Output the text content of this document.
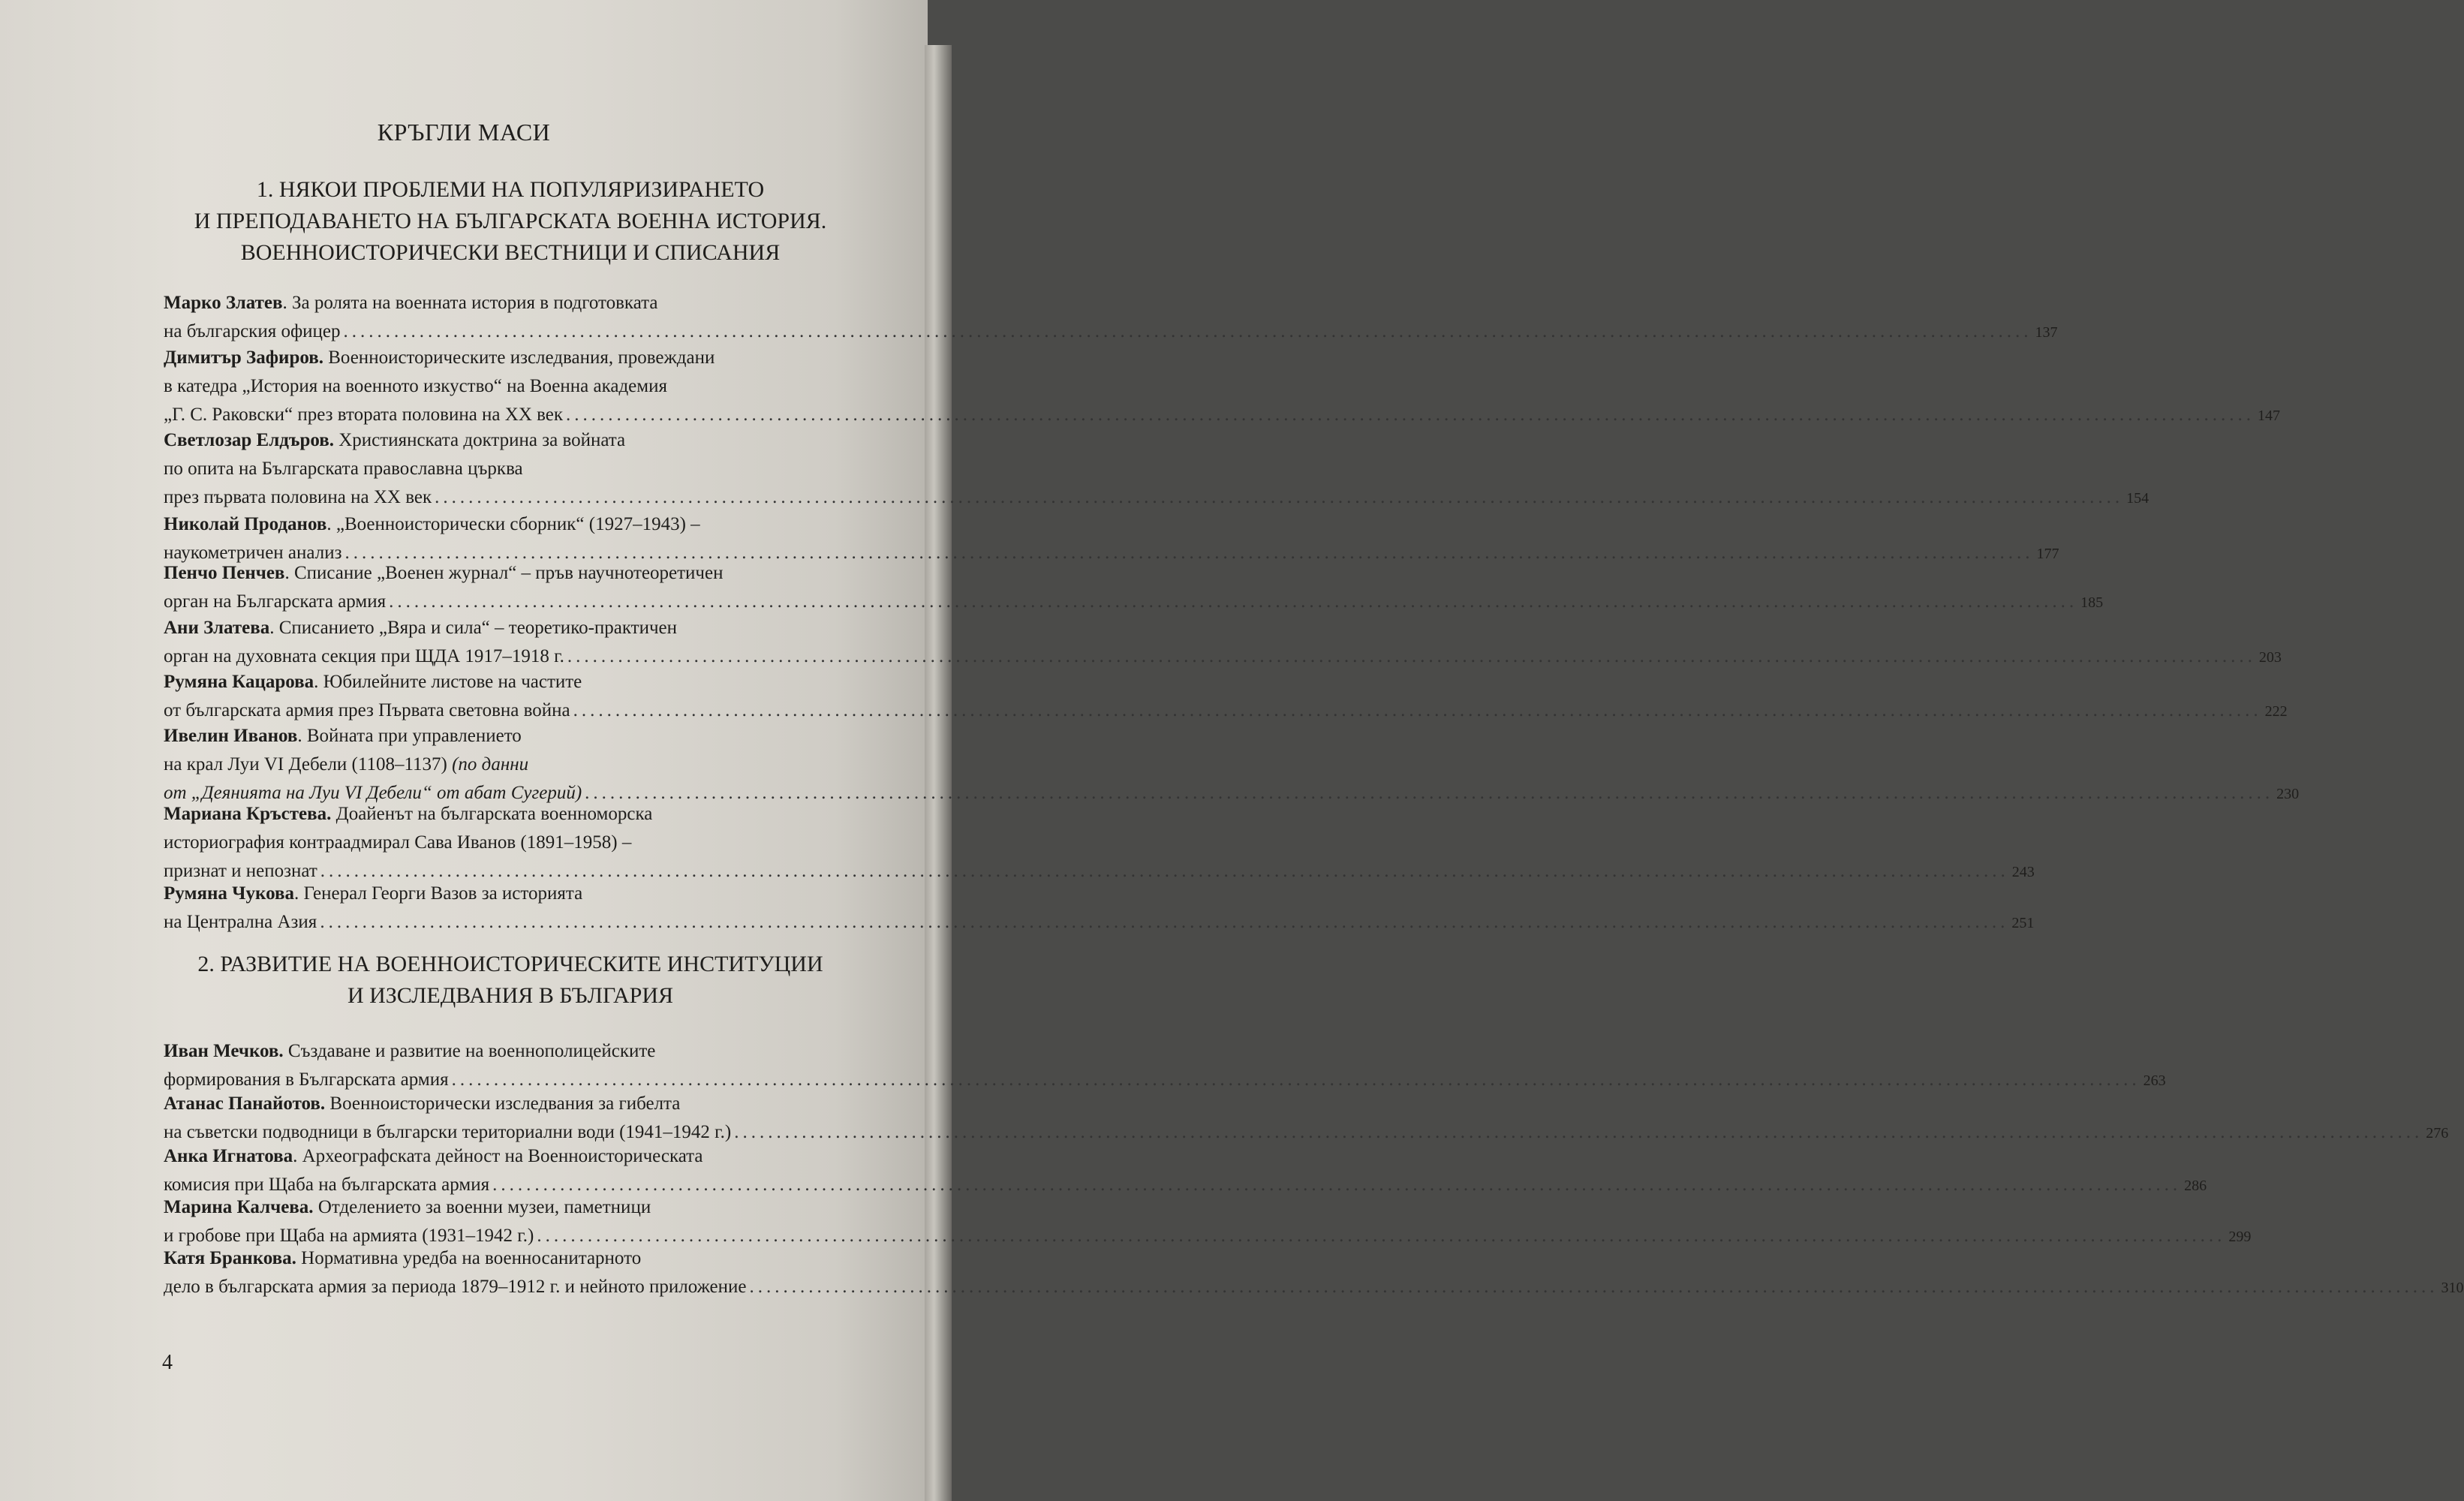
КРЪГЛИ МАСИ
1. НЯКОИ ПРОБЛЕМИ НА ПОПУЛЯРИЗИРАНЕТО
И ПРЕПОДАВАНЕТО НА БЪЛГАРСКАТА ВОЕННА ИСТОРИЯ.
ВОЕННОИСТОРИЧЕСКИ ВЕСТНИЦИ И СПИСАНИЯ
Марко Златев. За ролята на военната история в подготовката
на българския офицер ........................................................................................................................................................................................................ 137
Димитър Зафиров. Военноисторическите изследвания, провеждани
в катедра „История на военното изкуство“ на Военна академия
„Г. С. Раковски“ през втората половина на XX век ........................................................................................................................................................................................................ 147
Светлозар Елдъров. Християнската доктрина за войната
по опита на Българската православна църква
през първата половина на XX век ........................................................................................................................................................................................................ 154
Николай Проданов. „Военноисторически сборник“ (1927–1943) –
наукометричен анализ ........................................................................................................................................................................................................ 177
Пенчо Пенчев. Списание „Военен журнал“ – пръв научнотеоретичен
орган на Българската армия ........................................................................................................................................................................................................ 185
Ани Златева. Списанието „Вяра и сила“ – теоретико-практичен
орган на духовната секция при ЩДА 1917–1918 г. ........................................................................................................................................................................................................ 203
Румяна Кацарова. Юбилейните листове на частите
от българската армия през Първата световна война ........................................................................................................................................................................................................ 222
Ивелин Иванов. Войната при управлението
на крал Луи VI Дебели (1108–1137) (по данни
от „Деянията на Луи VI Дебели“ от абат Сугерий) ........................................................................................................................................................................................................ 230
Мариана Кръстева. Доайенът на българската военноморска
историография контраадмирал Сава Иванов (1891–1958) –
признат и непознат ........................................................................................................................................................................................................ 243
Румяна Чукова. Генерал Георги Вазов за историята
на Централна Азия ........................................................................................................................................................................................................ 251
2. РАЗВИТИЕ НА ВОЕННОИСТОРИЧЕСКИТЕ ИНСТИТУЦИИ
И ИЗСЛЕДВАНИЯ В БЪЛГАРИЯ
Иван Мечков. Създаване и развитие на военнополицейските
формирования в Българската армия ........................................................................................................................................................................................................ 263
Атанас Панайотов. Военноисторически изследвания за гибелта
на съветски подводници в български териториални води (1941–1942 г.) ........................................................................................................................................................................................................ 276
Анка Игнатова. Археографската дейност на Военноисторическата
комисия при Щаба на българската армия ........................................................................................................................................................................................................ 286
Марина Калчева. Отделението за военни музеи, паметници
и гробове при Щаба на армията (1931–1942 г.) ........................................................................................................................................................................................................ 299
Катя Бранкова. Нормативна уредба на военносанитарното
дело в българската армия за периода 1879–1912 г. и нейното приложение ........................................................................................................................................................................................................ 310
4
